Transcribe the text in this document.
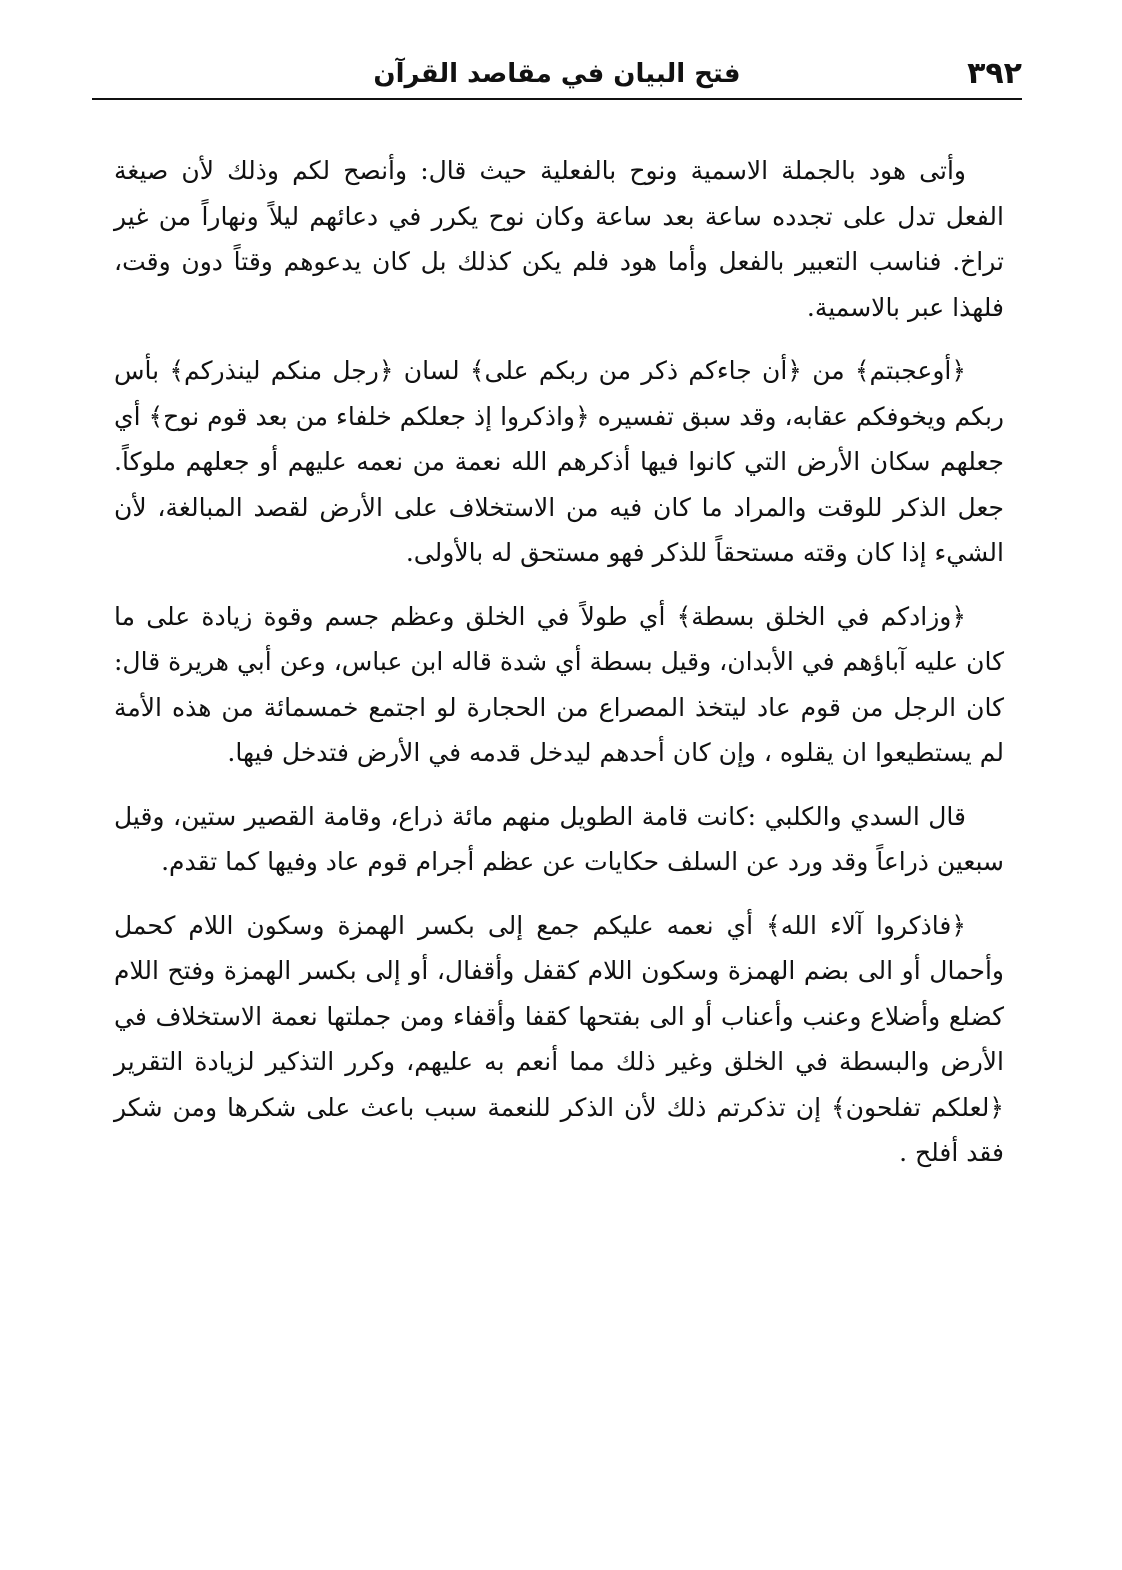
٣٩٢
فتح البيان في مقاصد القرآن

وأتى هود بالجملة الاسمية ونوح بالفعلية حيث قال: وأنصح لكم وذلك لأن صيغة الفعل تدل على تجدده ساعة بعد ساعة وكان نوح يكرر في دعائهم ليلاً ونهاراً من غير تراخ. فناسب التعبير بالفعل وأما هود فلم يكن كذلك بل كان يدعوهم وقتاً دون وقت، فلهذا عبر بالاسمية.

﴿أوعجبتم﴾ من ﴿أن جاءكم ذكر من ربكم على﴾ لسان ﴿رجل منكم لينذركم﴾ بأس ربكم ويخوفكم عقابه، وقد سبق تفسيره ﴿واذكروا إذ جعلكم خلفاء من بعد قوم نوح﴾ أي جعلهم سكان الأرض التي كانوا فيها أذكرهم الله نعمة من نعمه عليهم أو جعلهم ملوكاً. جعل الذكر للوقت والمراد ما كان فيه من الاستخلاف على الأرض لقصد المبالغة، لأن الشيء إذا كان وقته مستحقاً للذكر فهو مستحق له بالأولى.

﴿وزادكم في الخلق بسطة﴾ أي طولاً في الخلق وعظم جسم وقوة زيادة على ما كان عليه آباؤهم في الأبدان، وقيل بسطة أي شدة قاله ابن عباس، وعن أبي هريرة قال: كان الرجل من قوم عاد ليتخذ المصراع من الحجارة لو اجتمع خمسمائة من هذه الأمة لم يستطيعوا ان يقلوه ، وإن كان أحدهم ليدخل قدمه في الأرض فتدخل فيها.

قال السدي والكلبي :كانت قامة الطويل منهم مائة ذراع، وقامة القصير ستين، وقيل سبعين ذراعاً وقد ورد عن السلف حكايات عن عظم أجرام قوم عاد وفيها كما تقدم.

﴿فاذكروا آلاء الله﴾ أي نعمه عليكم جمع إلى بكسر الهمزة وسكون اللام كحمل وأحمال أو الى بضم الهمزة وسكون اللام كقفل وأقفال، أو إلى بكسر الهمزة وفتح اللام كضلع وأضلاع وعنب وأعناب أو الى بفتحها كقفا وأقفاء ومن جملتها نعمة الاستخلاف في الأرض والبسطة في الخلق وغير ذلك مما أنعم به عليهم، وكرر التذكير لزيادة التقرير ﴿لعلكم تفلحون﴾ إن تذكرتم ذلك لأن الذكر للنعمة سبب باعث على شكرها ومن شكر فقد أفلح .
